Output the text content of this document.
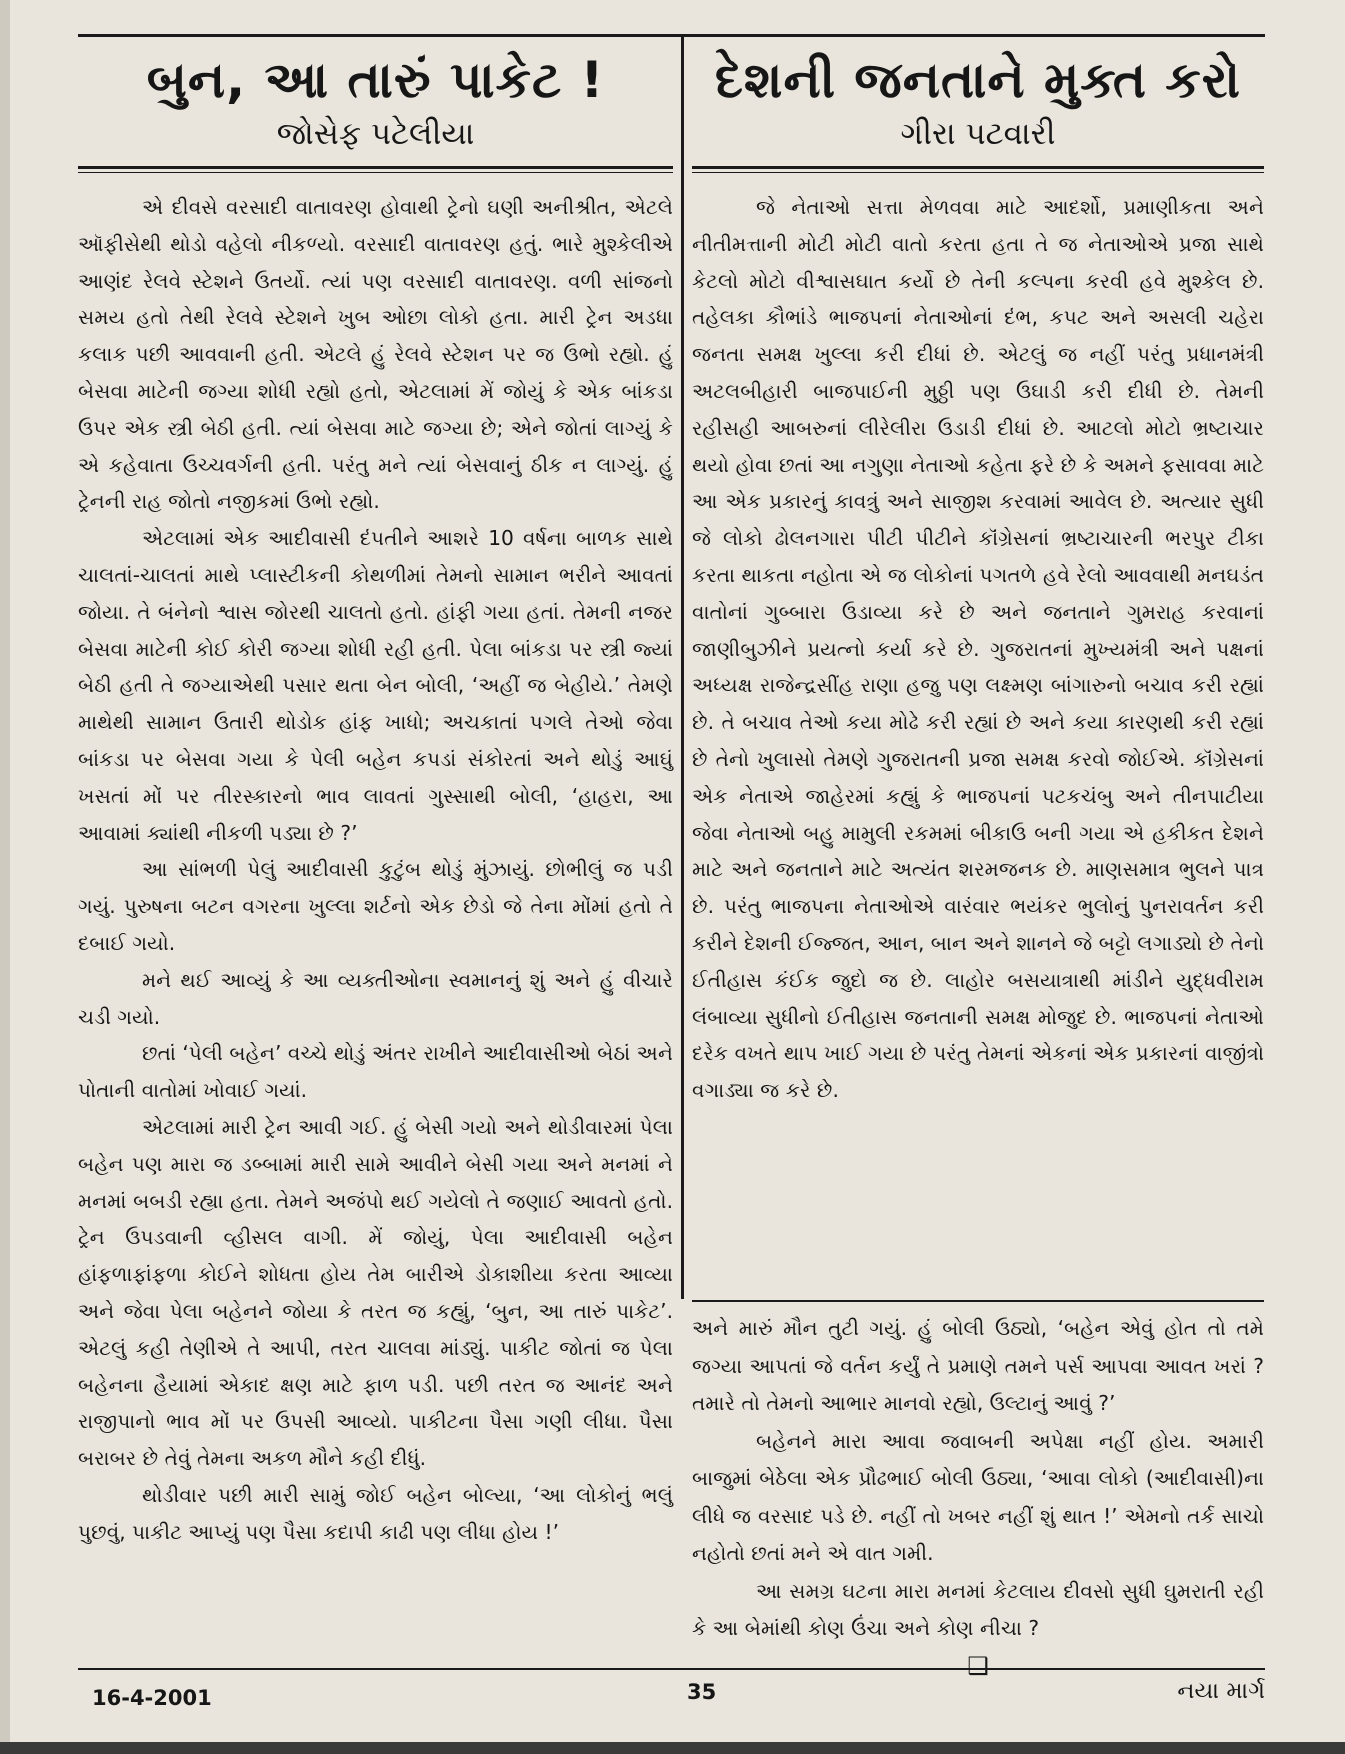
બુન, આ તારું પાકેટ !
જોસેફ પટેલીયા

એ દીવસે વરસાદી વાતાવરણ હોવાથી ટ્રેનો ઘણી અનીશ્રીત, એટલે ઑફીસેથી થોડો વહેલો નીકળ્યો. વરસાદી વાતાવરણ હતું. ભારે મુશ્કેલીએ આણંદ રેલવે સ્ટેશને ઉતર્યો. ત્યાં પણ વરસાદી વાતાવરણ. વળી સાંજનો સમય હતો તેથી રેલવે સ્ટેશને ખુબ ઓછા લોકો હતા. મારી ટ્રેન અડધા કલાક પછી આવવાની હતી. એટલે હું રેલવે સ્ટેશન પર જ ઉભો રહ્યો. હું બેસવા માટેની જગ્યા શોધી રહ્યો હતો, એટલામાં મેં જોયું કે એક બાંકડા ઉપર એક સ્ત્રી બેઠી હતી. ત્યાં બેસવા માટે જગ્યા છે; એને જોતાં લાગ્યું કે એ કહેવાતા ઉચ્ચવર્ગની હતી. પરંતુ મને ત્યાં બેસવાનું ઠીક ન લાગ્યું. હું ટ્રેનની રાહ જોતો નજીકમાં ઉભો રહ્યો.

એટલામાં એક આદીવાસી દંપતીને આશરે 10 વર્ષના બાળક સાથે ચાલતાં-ચાલતાં માથે પ્લાસ્ટીકની કોથળીમાં તેમનો સામાન ભરીને આવતાં જોયા. તે બંનેનો શ્વાસ જોરથી ચાલતો હતો. હાંફી ગયા હતાં. તેમની નજર બેસવા માટેની કોઈ કોરી જગ્યા શોધી રહી હતી. પેલા બાંકડા પર સ્ત્રી જ્યાં બેઠી હતી તે જગ્યાએથી પસાર થતા બેન બોલી, ‘અહીં જ બેહીયે.’ તેમણે માથેથી સામાન ઉતારી થોડોક હાંફ ખાધો; અચકાતાં પગલે તેઓ જેવા બાંકડા પર બેસવા ગયા કે પેલી બહેન કપડાં સંકોરતાં અને થોડું આઘું ખસતાં મોં પર તીરસ્કારનો ભાવ લાવતાં ગુસ્સાથી બોલી, ‘હાહરા, આ આવામાં ક્યાંથી નીકળી પડ્યા છે ?’

આ સાંભળી પેલું આદીવાસી કુટુંબ થોડું મુંઝાયું. છોભીલું જ પડી ગયું. પુરુષના બટન વગરના ખુલ્લા શર્ટનો એક છેડો જે તેના મોંમાં હતો તે દબાઈ ગયો.

મને થઈ આવ્યું કે આ વ્યક્તીઓના સ્વમાનનું શું અને હું વીચારે ચડી ગયો.

છતાં ‘પેલી બહેન’ વચ્ચે થોડું અંતર રાખીને આદીવાસીઓ બેઠાં અને પોતાની વાતોમાં ખોવાઈ ગયાં.

એટલામાં મારી ટ્રેન આવી ગઈ. હું બેસી ગયો અને થોડીવારમાં પેલા બહેન પણ મારા જ ડબ્બામાં મારી સામે આવીને બેસી ગયા અને મનમાં ને મનમાં બબડી રહ્યા હતા. તેમને અજંપો થઈ ગયેલો તે જણાઈ આવતો હતો. ટ્રેન ઉપડવાની વ્હીસલ વાગી. મેં જોયું, પેલા આદીવાસી બહેન હાંફળાફાંફળા કોઈને શોધતા હોય તેમ બારીએ ડોકાશીયા કરતા આવ્યા અને જેવા પેલા બહેનને જોયા કે તરત જ કહ્યું, ‘બુન, આ તારું પાકેટ’. એટલું કહી તેણીએ તે આપી, તરત ચાલવા માંડ્યું. પાકીટ જોતાં જ પેલા બહેનના હૈયામાં એકાદ ક્ષણ માટે ફાળ પડી. પછી તરત જ આનંદ અને રાજીપાનો ભાવ મોં પર ઉપસી આવ્યો. પાકીટના પૈસા ગણી લીધા. પૈસા બરાબર છે તેવું તેમના અકળ મૌને કહી દીધું.

થોડીવાર પછી મારી સામું જોઈ બહેન બોલ્યા, ‘આ લોકોનું ભલું પુછવું, પાકીટ આપ્યું પણ પૈસા કદાપી કાઢી પણ લીધા હોય !’

દેશની જનતાને મુક્ત કરો
ગીરા પટવારી

જે નેતાઓ સત્તા મેળવવા માટે આદર્શો, પ્રમાણીકતા અને નીતીમત્તાની મોટી મોટી વાતો કરતા હતા તે જ નેતાઓએ પ્રજા સાથે કેટલો મોટો વીશ્વાસઘાત કર્યો છે તેની કલ્પના કરવી હવે મુશ્કેલ છે. તહેલકા કૌભાંડે ભાજપનાં નેતાઓનાં દંભ, કપટ અને અસલી ચહેરા જનતા સમક્ષ ખુલ્લા કરી દીધાં છે. એટલું જ નહીં પરંતુ પ્રધાનમંત્રી અટલબીહારી બાજપાઈની મુઠ્ઠી પણ ઉઘાડી કરી દીધી છે. તેમની રહીસહી આબરુનાં લીરેલીરા ઉડાડી દીધાં છે. આટલો મોટો ભ્રષ્ટાચાર થયો હોવા છતાં આ નગુણા નેતાઓ કહેતા ફરે છે કે અમને ફસાવવા માટે આ એક પ્રકારનું કાવત્રું અને સાજીશ કરવામાં આવેલ છે. અત્યાર સુધી જે લોકો ઢોલનગારા પીટી પીટીને કૉંગ્રેસનાં ભ્રષ્ટાચારની ભરપુર ટીકા કરતા થાકતા નહોતા એ જ લોકોનાં પગતળે હવે રેલો આવવાથી મનઘડંત વાતોનાં ગુબ્બારા ઉડાવ્યા કરે છે અને જનતાને ગુમરાહ કરવાનાં જાણીબુઝીને પ્રયત્નો કર્યા કરે છે. ગુજરાતનાં મુખ્યમંત્રી અને પક્ષનાં અધ્યક્ષ રાજેન્દ્રસીંહ રાણા હજુ પણ લક્ષ્મણ બાંગારુનો બચાવ કરી રહ્યાં છે. તે બચાવ તેઓ કયા મોઢે કરી રહ્યાં છે અને કયા કારણથી કરી રહ્યાં છે તેનો ખુલાસો તેમણે ગુજરાતની પ્રજા સમક્ષ કરવો જોઈએ. કૉંગ્રેસનાં એક નેતાએ જાહેરમાં કહ્યું કે ભાજપનાં પટકચંબુ અને તીનપાટીયા જેવા નેતાઓ બહુ મામુલી રકમમાં બીકાઉ બની ગયા એ હકીકત દેશને માટે અને જનતાને માટે અત્યંત શરમજનક છે. માણસમાત્ર ભુલને પાત્ર છે. પરંતુ ભાજપના નેતાઓએ વારંવાર ભયંકર ભુલોનું પુનરાવર્તન કરી કરીને દેશની ઈજ્જત, આન, બાન અને શાનને જે બટ્ટો લગાડ્યો છે તેનો ઈતીહાસ કંઈક જુદો જ છે. લાહોર બસયાત્રાથી માંડીને યુદ્ધવીરામ લંબાવ્યા સુધીનો ઈતીહાસ જનતાની સમક્ષ મોજુદ છે. ભાજપનાં નેતાઓ દરેક વખતે થાપ ખાઈ ગયા છે પરંતુ તેમનાં એકનાં એક પ્રકારનાં વાજીંત્રો વગાડ્યા જ કરે છે.

અને મારું મૌન તુટી ગયું. હું બોલી ઉઠ્યો, ‘બહેન એવું હોત તો તમે જગ્યા આપતાં જે વર્તન કર્યું તે પ્રમાણે તમને પર્સ આપવા આવત ખરાં ? તમારે તો તેમનો આભાર માનવો રહ્યો, ઉલ્ટાનું આવું ?’

બહેનને મારા આવા જવાબની અપેક્ષા નહીં હોય. અમારી બાજુમાં બેઠેલા એક પ્રૌઢભાઈ બોલી ઉઠ્યા, ‘આવા લોકો (આદીવાસી)ના લીધે જ વરસાદ પડે છે. નહીં તો ખબર નહીં શું થાત !’ એમનો તર્ક સાચો નહોતો છતાં મને એ વાત ગમી.

આ સમગ્ર ઘટના મારા મનમાં કેટલાય દીવસો સુધી ઘુમરાતી રહી કે આ બેમાંથી કોણ ઉંચા અને કોણ નીચા ?

❑
16-4-2001	35	નયા માર્ગ
